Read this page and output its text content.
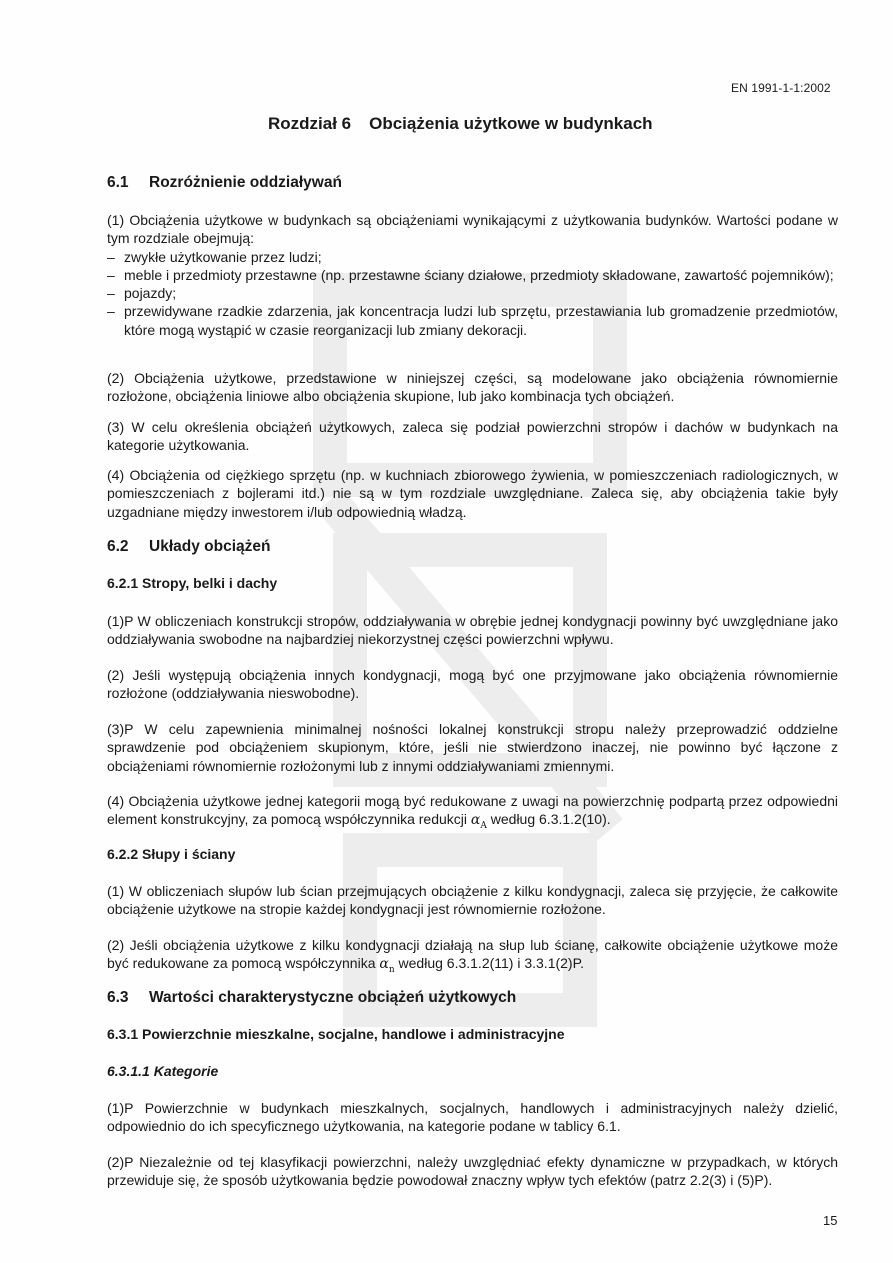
EN 1991-1-1:2002
Rozdział 6 Obciążenia użytkowe w budynkach
6.1 Rozróżnienie oddziaływań
(1) Obciążenia użytkowe w budynkach są obciążeniami wynikającymi z użytkowania budynków. Wartości podane w tym rozdziale obejmują:
– zwykłe użytkowanie przez ludzi;
– meble i przedmioty przestawne (np. przestawne ściany działowe, przedmioty składowane, zawartość pojemników);
– pojazdy;
– przewidywane rzadkie zdarzenia, jak koncentracja ludzi lub sprzętu, przestawiania lub gromadzenie przedmiotów, które mogą wystąpić w czasie reorganizacji lub zmiany dekoracji.
(2) Obciążenia użytkowe, przedstawione w niniejszej części, są modelowane jako obciążenia równomiernie rozłożone, obciążenia liniowe albo obciążenia skupione, lub jako kombinacja tych obciążeń.
(3) W celu określenia obciążeń użytkowych, zaleca się podział powierzchni stropów i dachów w budynkach na kategorie użytkowania.
(4) Obciążenia od ciężkiego sprzętu (np. w kuchniach zbiorowego żywienia, w pomieszczeniach radiologicznych, w pomieszczeniach z bojlerami itd.) nie są w tym rozdziale uwzględniane. Zaleca się, aby obciążenia takie były uzgadniane między inwestorem i/lub odpowiednią władzą.
6.2 Układy obciążeń
6.2.1 Stropy, belki i dachy
(1)P W obliczeniach konstrukcji stropów, oddziaływania w obrębie jednej kondygnacji powinny być uwzględniane jako oddziaływania swobodne na najbardziej niekorzystnej części powierzchni wpływu.
(2) Jeśli występują obciążenia innych kondygnacji, mogą być one przyjmowane jako obciążenia równomiernie rozłożone (oddziaływania nieswobodne).
(3)P W celu zapewnienia minimalnej nośności lokalnej konstrukcji stropu należy przeprowadzić oddzielne sprawdzenie pod obciążeniem skupionym, które, jeśli nie stwierdzono inaczej, nie powinno być łączone z obciążeniami równomiernie rozłożonymi lub z innymi oddziaływaniami zmiennymi.
(4) Obciążenia użytkowe jednej kategorii mogą być redukowane z uwagi na powierzchnię podpartą przez odpowiedni element konstrukcyjny, za pomocą współczynnika redukcji $\alpha_A$ według 6.3.1.2(10).
6.2.2 Słupy i ściany
(1) W obliczeniach słupów lub ścian przejmujących obciążenie z kilku kondygnacji, zaleca się przyjęcie, że całkowite obciążenie użytkowe na stropie każdej kondygnacji jest równomiernie rozłożone.
(2) Jeśli obciążenia użytkowe z kilku kondygnacji działają na słup lub ścianę, całkowite obciążenie użytkowe może być redukowane za pomocą współczynnika $\alpha_n$ według 6.3.1.2(11) i 3.3.1(2)P.
6.3 Wartości charakterystyczne obciążeń użytkowych
6.3.1 Powierzchnie mieszkalne, socjalne, handlowe i administracyjne
6.3.1.1 Kategorie
(1)P Powierzchnie w budynkach mieszkalnych, socjalnych, handlowych i administracyjnych należy dzielić, odpowiednio do ich specyficznego użytkowania, na kategorie podane w tablicy 6.1.
(2)P Niezależnie od tej klasyfikacji powierzchni, należy uwzględniać efekty dynamiczne w przypadkach, w których przewiduje się, że sposób użytkowania będzie powodował znaczny wpływ tych efektów (patrz 2.2(3) i (5)P).
15
